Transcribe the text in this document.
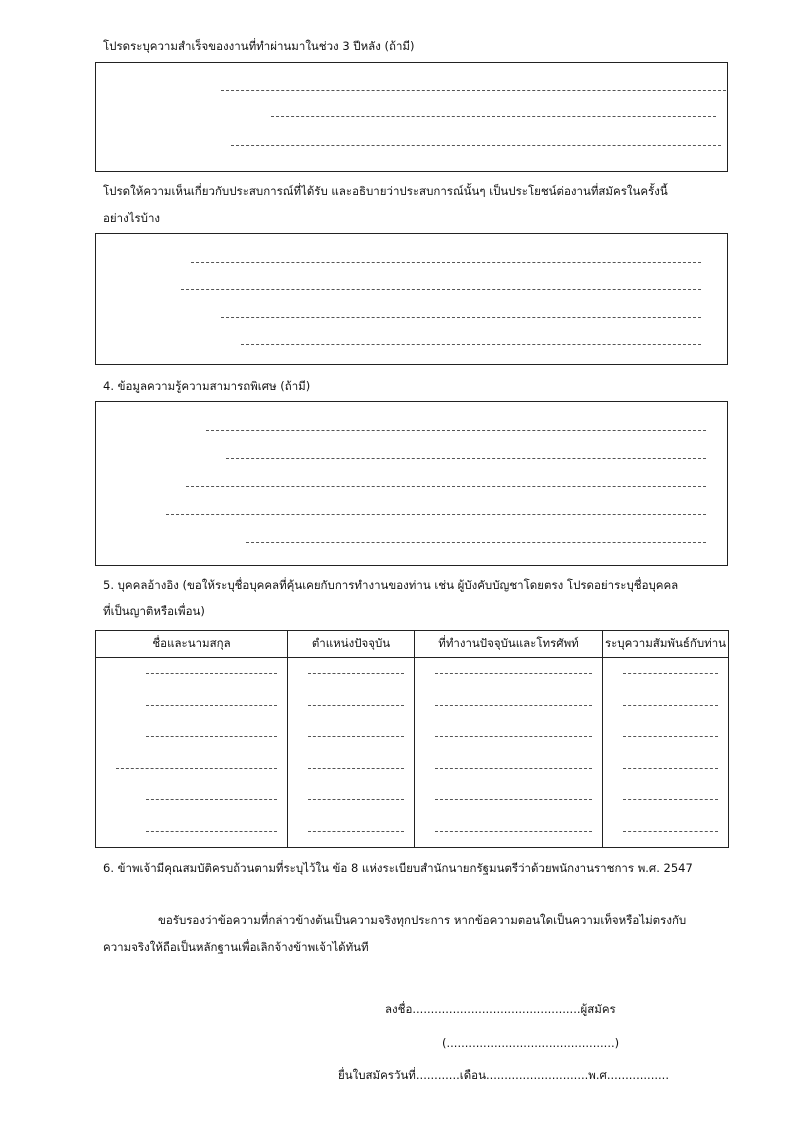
โปรดระบุความสำเร็จของงานที่ทำผ่านมาในช่วง 3 ปีหลัง (ถ้ามี)
โปรดให้ความเห็นเกี่ยวกับประสบการณ์ที่ได้รับ และอธิบายว่าประสบการณ์นั้นๆ เป็นประโยชน์ต่องานที่สมัครในครั้งนี้
อย่างไรบ้าง
4. ข้อมูลความรู้ความสามารถพิเศษ (ถ้ามี)
5. บุคคลอ้างอิง (ขอให้ระบุชื่อบุคคลที่คุ้นเคยกับการทำงานของท่าน เช่น ผู้บังคับบัญชาโดยตรง โปรดอย่าระบุชื่อบุคคล
ที่เป็นญาติหรือเพื่อน)
ชื่อและนามสกุล	ตำแหน่งปัจจุบัน	ที่ทำงานปัจจุบันและโทรศัพท์	ระบุความสัมพันธ์กับท่าน

6. ข้าพเจ้ามีคุณสมบัติครบถ้วนตามที่ระบุไว้ใน ข้อ 8 แห่งระเบียบสำนักนายกรัฐมนตรีว่าด้วยพนักงานราชการ พ.ศ. 2547
ขอรับรองว่าข้อความที่กล่าวข้างต้นเป็นความจริงทุกประการ หากข้อความตอนใดเป็นความเท็จหรือไม่ตรงกับ
ความจริงให้ถือเป็นหลักฐานเพื่อเลิกจ้างข้าพเจ้าได้ทันที
ลงชื่อ..............................................ผู้สมัคร
(..............................................)
ยื่นใบสมัครวันที่............เดือน............................พ.ศ.................
